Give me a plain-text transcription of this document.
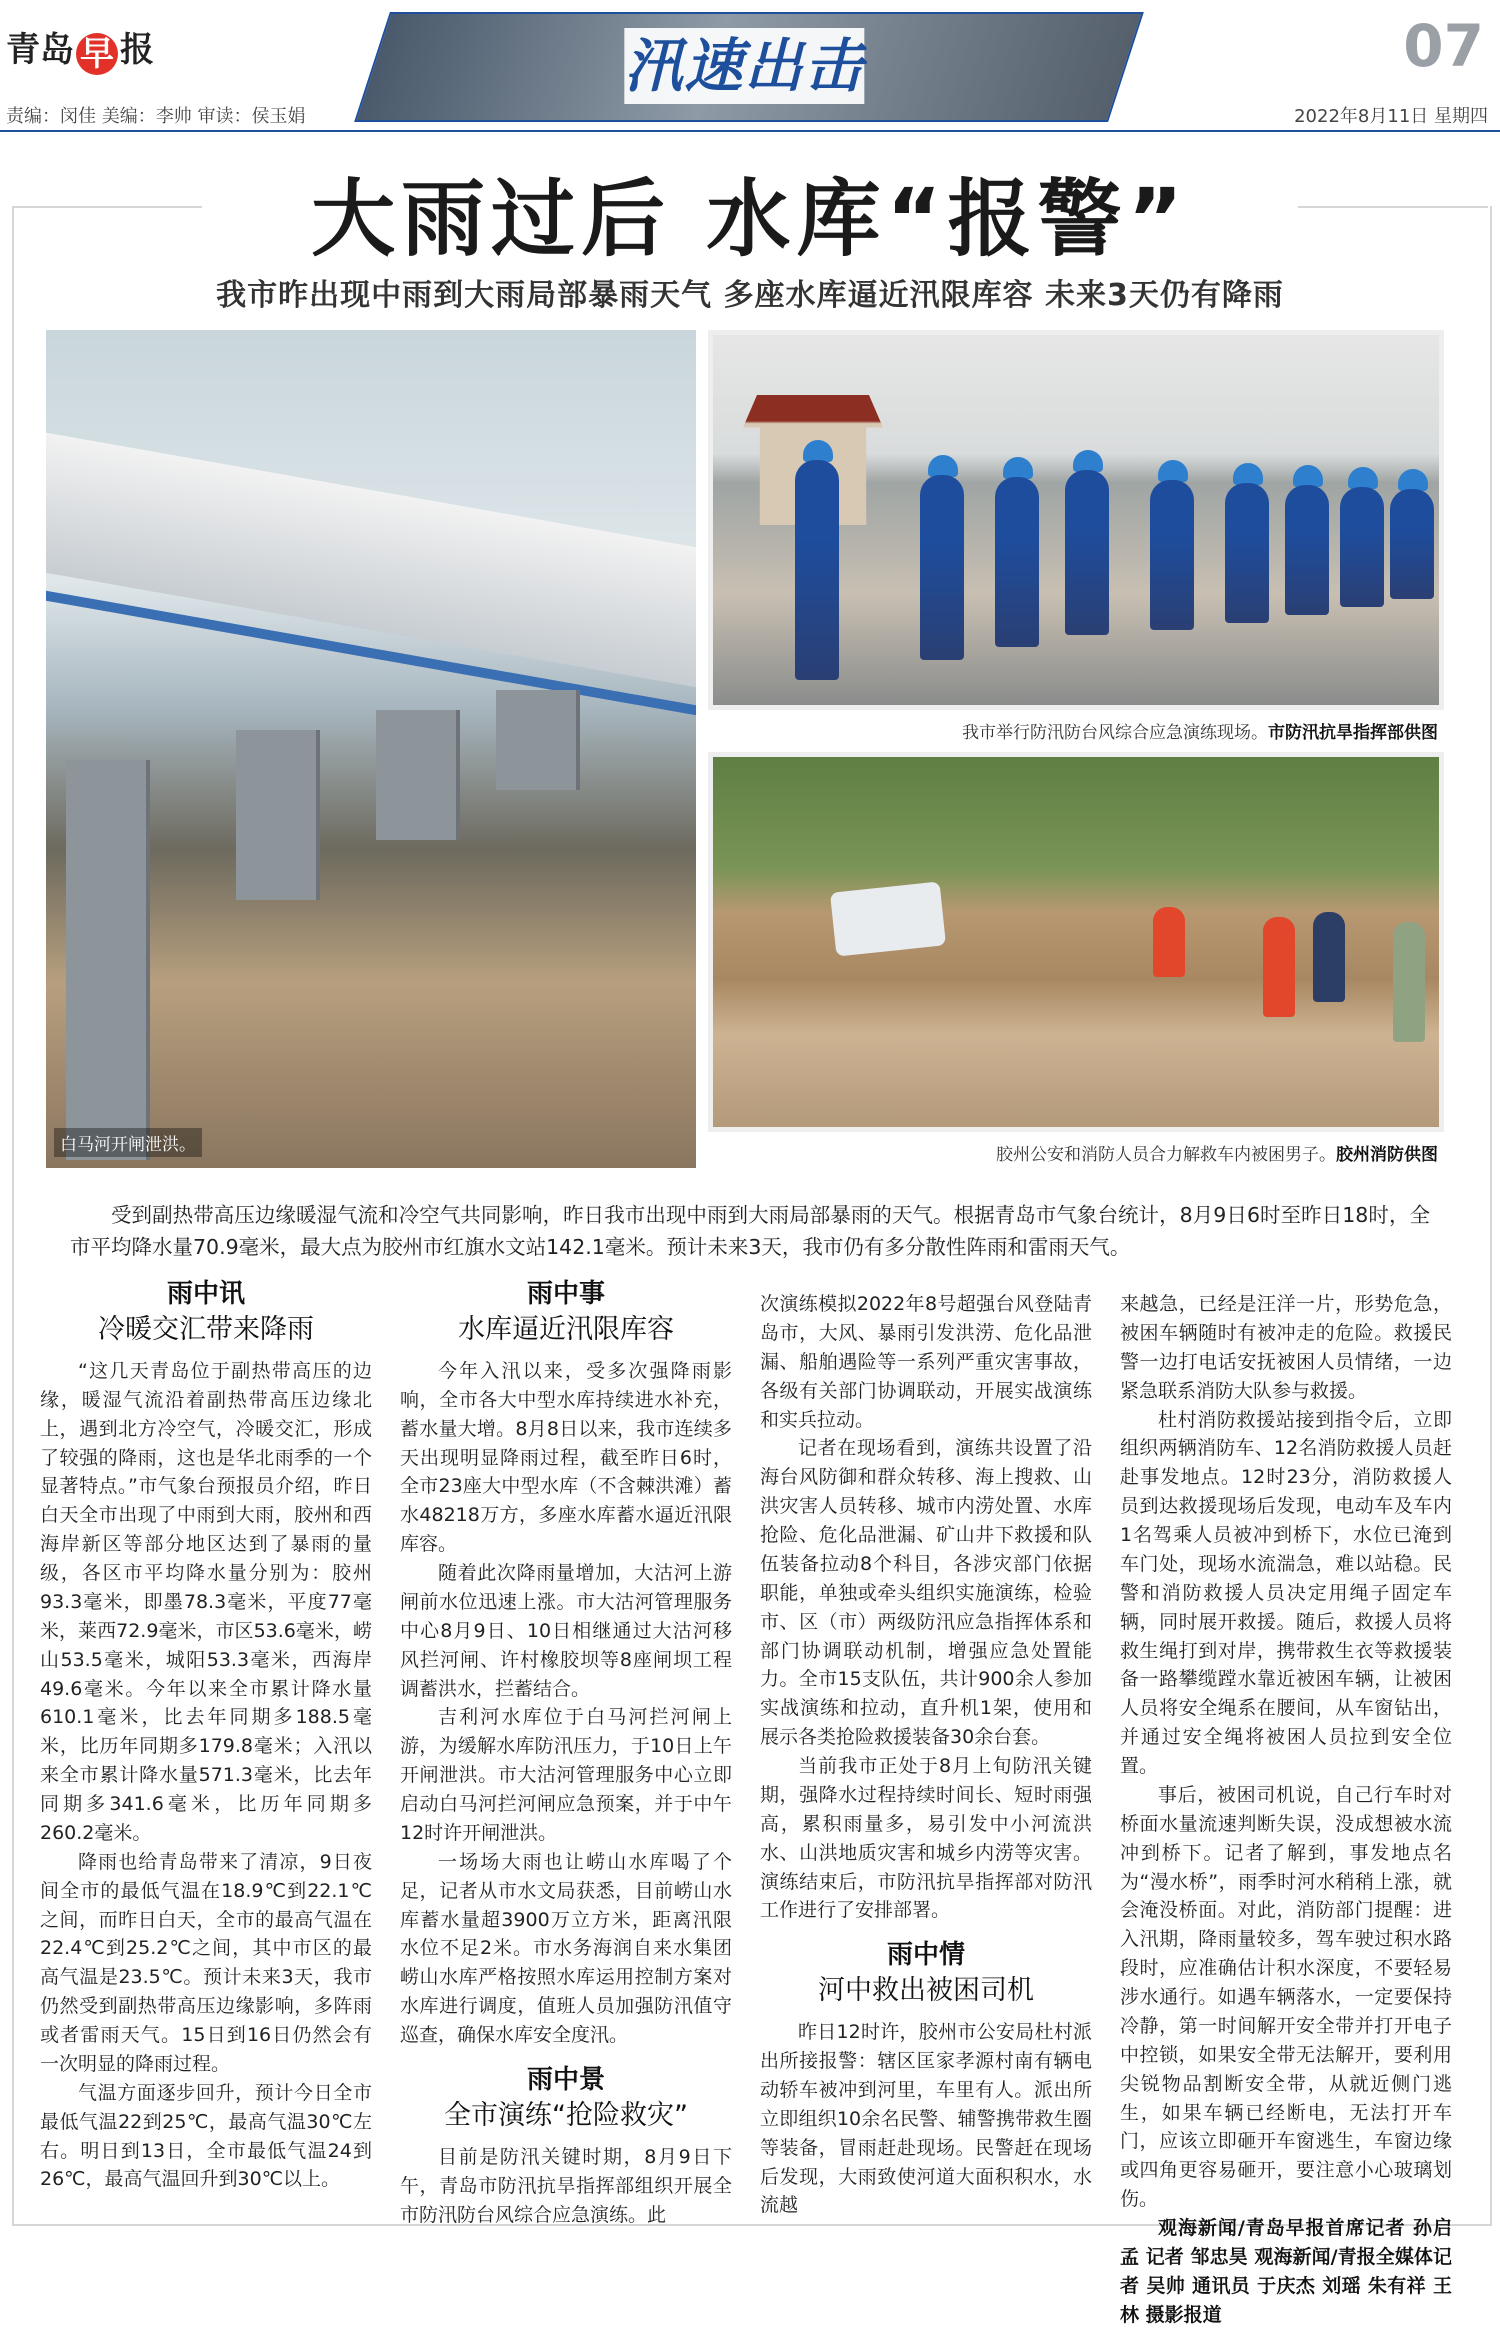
青岛 早 报	汛速出击	07
责编：闵佳 美编：李帅 审读：侯玉娟	2022年8月11日 星期四
大雨过后 水库“报警”
我市昨出现中雨到大雨局部暴雨天气 多座水库逼近汛限库容 未来3天仍有降雨
白马河开闸泄洪。
我市举行防汛防台风综合应急演练现场。市防汛抗旱指挥部供图
胶州公安和消防人员合力解救车内被困男子。胶州消防供图
受到副热带高压边缘暖湿气流和冷空气共同影响，昨日我市出现中雨到大雨局部暴雨的天气。根据青岛市气象台统计，8月9日6时至昨日18时，全市平均降水量70.9毫米，最大点为胶州市红旗水文站142.1毫米。预计未来3天，我市仍有多分散性阵雨和雷雨天气。
雨中讯
冷暖交汇带来降雨

“这几天青岛位于副热带高压的边缘，暖湿气流沿着副热带高压边缘北上，遇到北方冷空气，冷暖交汇，形成了较强的降雨，这也是华北雨季的一个显著特点。”市气象台预报员介绍，昨日白天全市出现了中雨到大雨，胶州和西海岸新区等部分地区达到了暴雨的量级，各区市平均降水量分别为：胶州93.3毫米，即墨78.3毫米，平度77毫米，莱西72.9毫米，市区53.6毫米，崂山53.5毫米，城阳53.3毫米，西海岸49.6毫米。今年以来全市累计降水量610.1毫米，比去年同期多188.5毫米，比历年同期多179.8毫米；入汛以来全市累计降水量571.3毫米，比去年同期多341.6毫米，比历年同期多260.2毫米。

降雨也给青岛带来了清凉，9日夜间全市的最低气温在18.9℃到22.1℃之间，而昨日白天，全市的最高气温在22.4℃到25.2℃之间，其中市区的最高气温是23.5℃。预计未来3天，我市仍然受到副热带高压边缘影响，多阵雨或者雷雨天气。15日到16日仍然会有一次明显的降雨过程。

气温方面逐步回升，预计今日全市最低气温22到25℃，最高气温30℃左右。明日到13日，全市最低气温24到26℃，最高气温回升到30℃以上。

雨中事
水库逼近汛限库容

今年入汛以来，受多次强降雨影响，全市各大中型水库持续进水补充，蓄水量大增。8月8日以来，我市连续多天出现明显降雨过程，截至昨日6时，全市23座大中型水库（不含棘洪滩）蓄水48218万方，多座水库蓄水逼近汛限库容。

随着此次降雨量增加，大沽河上游闸前水位迅速上涨。市大沽河管理服务中心8月9日、10日相继通过大沽河移风拦河闸、许村橡胶坝等8座闸坝工程调蓄洪水，拦蓄结合。

吉利河水库位于白马河拦河闸上游，为缓解水库防汛压力，于10日上午开闸泄洪。市大沽河管理服务中心立即启动白马河拦河闸应急预案，并于中午12时许开闸泄洪。

一场场大雨也让崂山水库喝了个足，记者从市水文局获悉，目前崂山水库蓄水量超3900万立方米，距离汛限水位不足2米。市水务海润自来水集团崂山水库严格按照水库运用控制方案对水库进行调度，值班人员加强防汛值守巡查，确保水库安全度汛。

雨中景
全市演练“抢险救灾”

目前是防汛关键时期，8月9日下午，青岛市防汛抗旱指挥部组织开展全市防汛防台风综合应急演练。此

次演练模拟2022年8号超强台风登陆青岛市，大风、暴雨引发洪涝、危化品泄漏、船舶遇险等一系列严重灾害事故，各级有关部门协调联动，开展实战演练和实兵拉动。

记者在现场看到，演练共设置了沿海台风防御和群众转移、海上搜救、山洪灾害人员转移、城市内涝处置、水库抢险、危化品泄漏、矿山井下救援和队伍装备拉动8个科目，各涉灾部门依据职能，单独或牵头组织实施演练，检验市、区（市）两级防汛应急指挥体系和部门协调联动机制，增强应急处置能力。全市15支队伍，共计900余人参加实战演练和拉动，直升机1架，使用和展示各类抢险救援装备30余台套。

当前我市正处于8月上旬防汛关键期，强降水过程持续时间长、短时雨强高，累积雨量多，易引发中小河流洪水、山洪地质灾害和城乡内涝等灾害。演练结束后，市防汛抗旱指挥部对防汛工作进行了安排部署。

雨中情
河中救出被困司机

昨日12时许，胶州市公安局杜村派出所接报警：辖区匡家孝源村南有辆电动轿车被冲到河里，车里有人。派出所立即组织10余名民警、辅警携带救生圈等装备，冒雨赶赴现场。民警赶在现场后发现，大雨致使河道大面积积水，水流越

来越急，已经是汪洋一片，形势危急，被困车辆随时有被冲走的危险。救援民警一边打电话安抚被困人员情绪，一边紧急联系消防大队参与救援。

杜村消防救援站接到指令后，立即组织两辆消防车、12名消防救援人员赶赴事发地点。12时23分，消防救援人员到达救援现场后发现，电动车及车内1名驾乘人员被冲到桥下，水位已淹到车门处，现场水流湍急，难以站稳。民警和消防救援人员决定用绳子固定车辆，同时展开救援。随后，救援人员将救生绳打到对岸，携带救生衣等救援装备一路攀缆蹚水靠近被困车辆，让被困人员将安全绳系在腰间，从车窗钻出，并通过安全绳将被困人员拉到安全位置。

事后，被困司机说，自己行车时对桥面水量流速判断失误，没成想被水流冲到桥下。记者了解到，事发地点名为“漫水桥”，雨季时河水稍稍上涨，就会淹没桥面。对此，消防部门提醒：进入汛期，降雨量较多，驾车驶过积水路段时，应准确估计积水深度，不要轻易涉水通行。如遇车辆落水，一定要保持冷静，第一时间解开安全带并打开电子中控锁，如果安全带无法解开，要利用尖锐物品割断安全带，从就近侧门逃生，如果车辆已经断电，无法打开车门，应该立即砸开车窗逃生，车窗边缘或四角更容易砸开，要注意小心玻璃划伤。

观海新闻/青岛早报首席记者 孙启孟 记者 邹忠昊 观海新闻/青报全媒体记者 吴帅 通讯员 于庆杰 刘瑶 朱有祥 王林 摄影报道
